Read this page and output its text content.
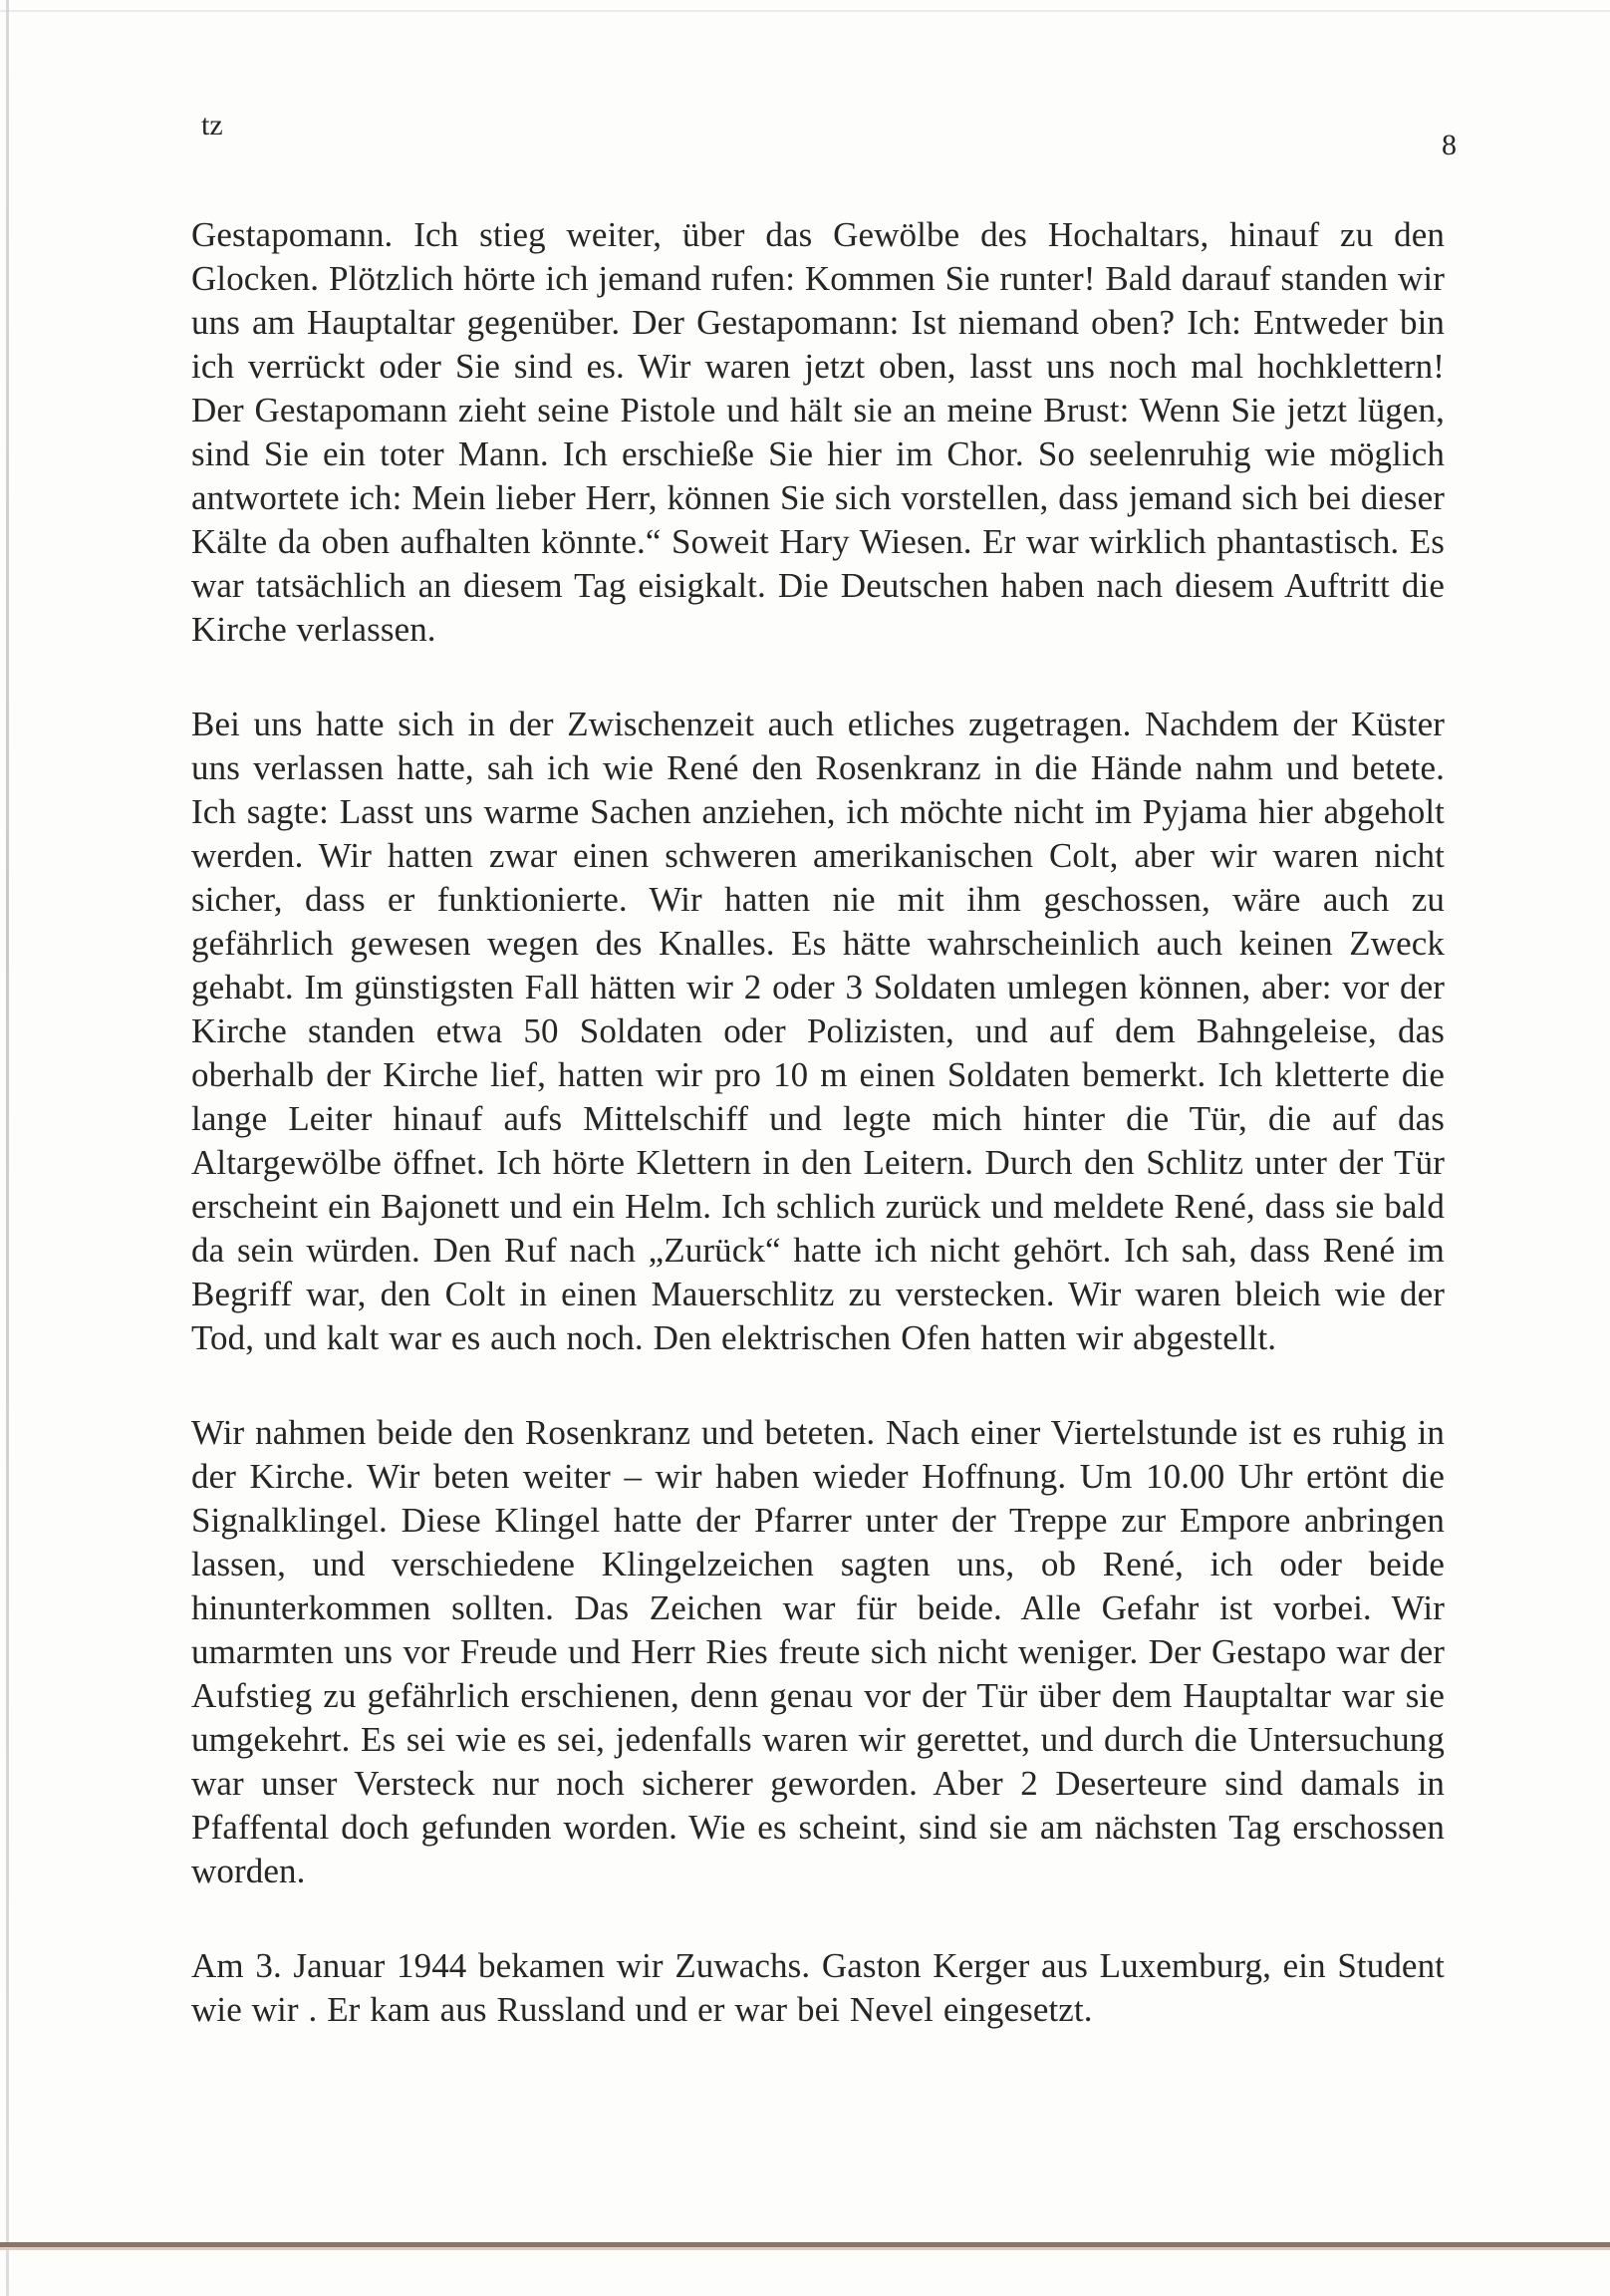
tz
8

Gestapomann. Ich stieg weiter, über das Gewölbe des Hochaltars, hinauf zu den Glocken. Plötzlich hörte ich jemand rufen: Kommen Sie runter! Bald darauf standen wir uns am Hauptaltar gegenüber. Der Gestapomann: Ist niemand oben? Ich: Entweder bin ich verrückt oder Sie sind es. Wir waren jetzt oben, lasst uns noch mal hochklettern! Der Gestapomann zieht seine Pistole und hält sie an meine Brust: Wenn Sie jetzt lügen, sind Sie ein toter Mann. Ich erschieße Sie hier im Chor. So seelenruhig wie möglich antwortete ich: Mein lieber Herr, können Sie sich vorstellen, dass jemand sich bei dieser Kälte da oben aufhalten könnte.“ Soweit Hary Wiesen. Er war wirklich phantastisch. Es war tatsächlich an diesem Tag eisigkalt. Die Deutschen haben nach diesem Auftritt die Kirche verlassen.

Bei uns hatte sich in der Zwischenzeit auch etliches zugetragen. Nachdem der Küster uns verlassen hatte, sah ich wie René den Rosenkranz in die Hände nahm und betete. Ich sagte: Lasst uns warme Sachen anziehen, ich möchte nicht im Pyjama hier abgeholt werden. Wir hatten zwar einen schweren amerikanischen Colt, aber wir waren nicht sicher, dass er funktionierte. Wir hatten nie mit ihm geschossen, wäre auch zu gefährlich gewesen wegen des Knalles. Es hätte wahrscheinlich auch keinen Zweck gehabt. Im günstigsten Fall hätten wir 2 oder 3 Soldaten umlegen können, aber: vor der Kirche standen etwa 50 Soldaten oder Polizisten, und auf dem Bahngeleise, das oberhalb der Kirche lief, hatten wir pro 10 m einen Soldaten bemerkt. Ich kletterte die lange Leiter hinauf aufs Mittelschiff und legte mich hinter die Tür, die auf das Altargewölbe öffnet. Ich hörte Klettern in den Leitern. Durch den Schlitz unter der Tür erscheint ein Bajonett und ein Helm. Ich schlich zurück und meldete René, dass sie bald da sein würden. Den Ruf nach „Zurück“ hatte ich nicht gehört. Ich sah, dass René im Begriff war, den Colt in einen Mauerschlitz zu verstecken. Wir waren bleich wie der Tod, und kalt war es auch noch. Den elektrischen Ofen hatten wir abgestellt.

Wir nahmen beide den Rosenkranz und beteten. Nach einer Viertelstunde ist es ruhig in der Kirche. Wir beten weiter – wir haben wieder Hoffnung. Um 10.00 Uhr ertönt die Signalklingel. Diese Klingel hatte der Pfarrer unter der Treppe zur Empore anbringen lassen, und verschiedene Klingelzeichen sagten uns, ob René, ich oder beide hinunterkommen sollten. Das Zeichen war für beide. Alle Gefahr ist vorbei. Wir umarmten uns vor Freude und Herr Ries freute sich nicht weniger. Der Gestapo war der Aufstieg zu gefährlich erschienen, denn genau vor der Tür über dem Hauptaltar war sie umgekehrt. Es sei wie es sei, jedenfalls waren wir gerettet, und durch die Untersuchung war unser Versteck nur noch sicherer geworden. Aber 2 Deserteure sind damals in Pfaffental doch gefunden worden. Wie es scheint, sind sie am nächsten Tag erschossen worden.

Am 3. Januar 1944 bekamen wir Zuwachs. Gaston Kerger aus Luxemburg, ein Student wie wir . Er kam aus Russland und er war bei Nevel eingesetzt.
